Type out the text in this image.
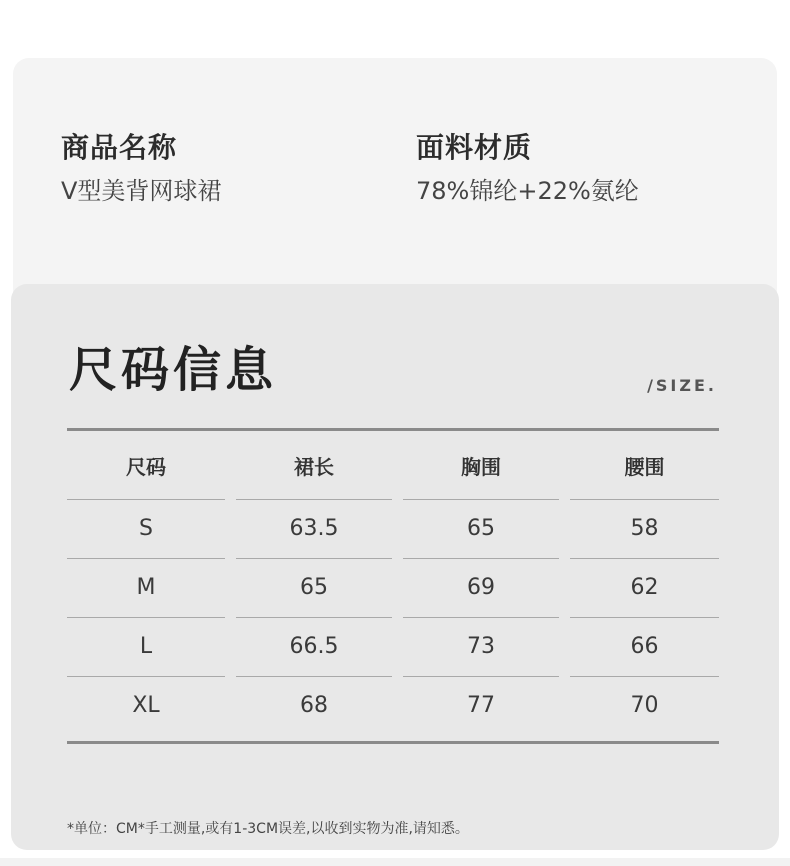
商品名称
V型美背网球裙
面料材质
78%锦纶+22%氨纶
尺码信息	/SIZE.
尺码	裙长	胸围	腰围
S	63.5	65	58
M	65	69	62
L	66.5	73	66
XL	68	77	70
*单位：CM*手工测量,或有1-3CM误差,以收到实物为准,请知悉。
